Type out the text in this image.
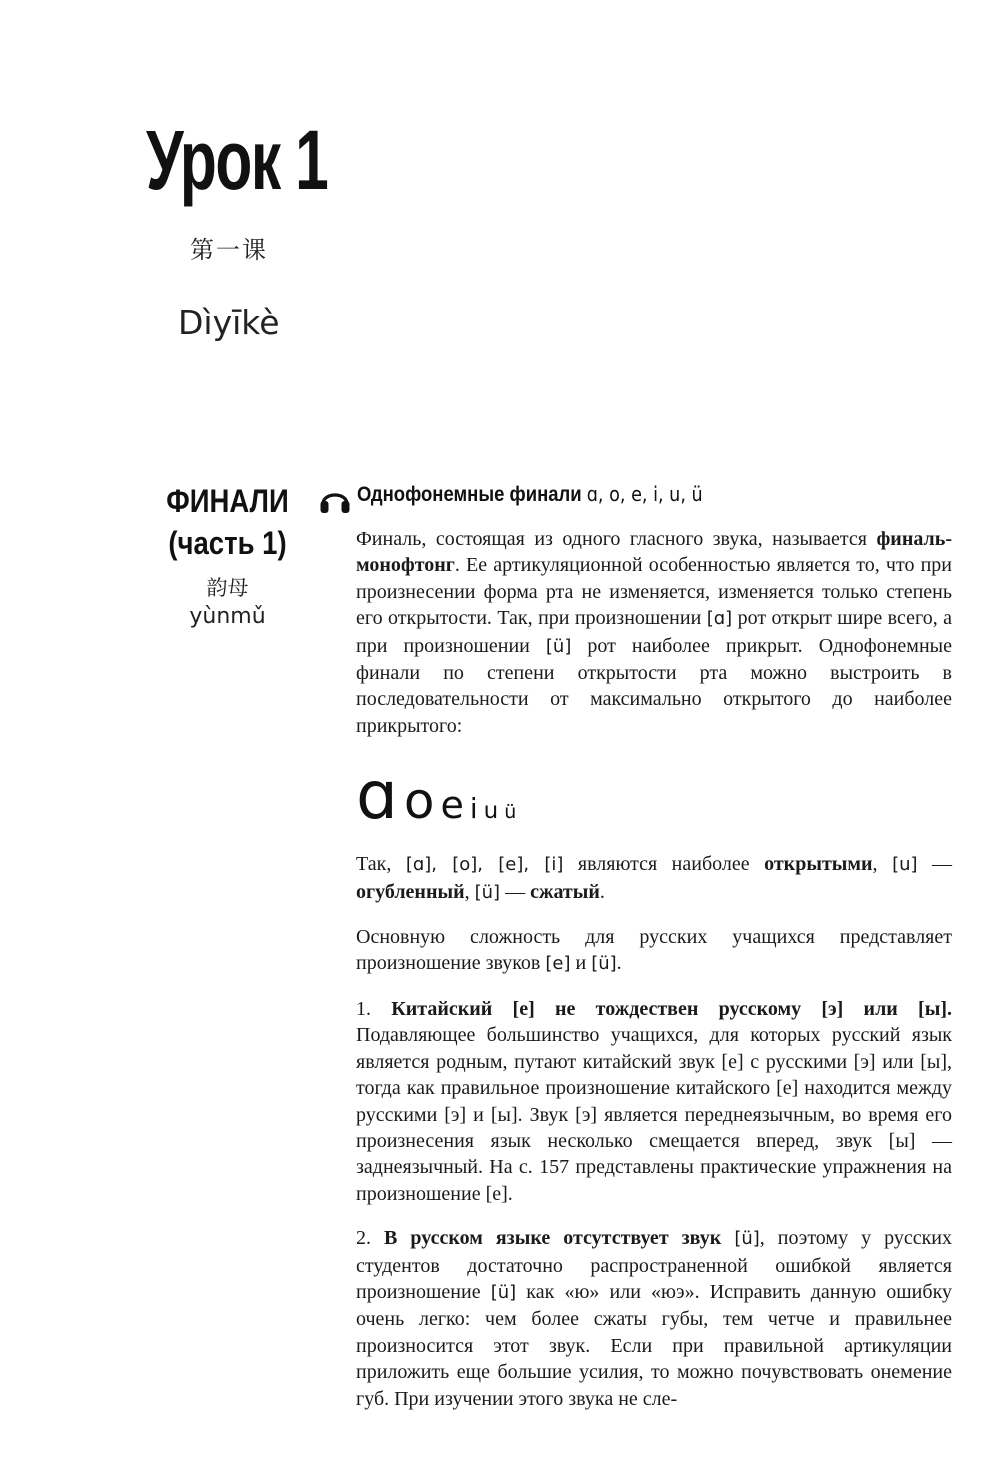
Урок 1
第一课
Dìyīkè
ФИНАЛИ
(часть 1)
韵母
yùnmǔ
Однофонемные финали ɑ, o, e, i, u, ü

Финаль, состоящая из одного гласного звука, называется финаль-монофтонг. Ее артикуляционной особенностью является то, что при произнесении форма рта не изменяется, изменяется только степень его открытости. Так, при произношении [ɑ] рот открыт шире всего, а при произношении [ü] рот наиболее прикрыт. Однофонемные финали по степени открытости рта можно выстроить в последовательности от максимально открытого до наиболее прикрытого:

ɑ o e i u ü

Так, [ɑ], [o], [e], [i] являются наиболее открытыми, [u] — огубленный, [ü] — сжатый.

Основную сложность для русских учащихся представляет произношение звуков [e] и [ü].

1. Китайский [е] не тождествен русскому [э] или [ы]. Подавляющее большинство учащихся, для которых русский язык является родным, путают китайский звук [е] с русскими [э] или [ы], тогда как правильное произношение китайского [е] находится между русскими [э] и [ы]. Звук [э] является переднеязычным, во время его произнесения язык несколько смещается вперед, звук [ы] — заднеязычный. На с. 157 представлены практические упражнения на произношение [е].

2. В русском языке отсутствует звук [ü], поэтому у русских студентов достаточно распространенной ошибкой является произношение [ü] как «ю» или «юэ». Исправить данную ошибку очень легко: чем более сжаты губы, тем четче и правильнее произносится этот звук. Если при правильной артикуляции приложить еще большие усилия, то можно почувствовать онемение губ. При изучении этого звука не сле-
